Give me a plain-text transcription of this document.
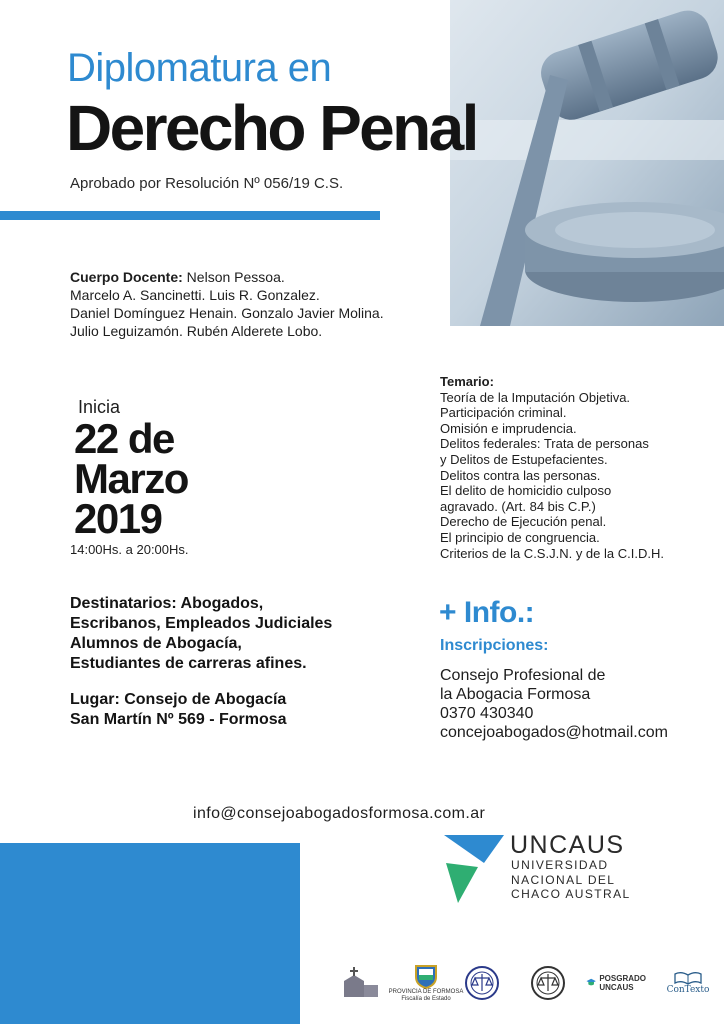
Diplomatura en
Derecho Penal
Aprobado por Resolución Nº 056/19 C.S.
Cuerpo Docente: Nelson Pessoa.
Marcelo A. Sancinetti. Luis R. Gonzalez.
Daniel Domínguez Henain. Gonzalo Javier Molina.
Julio Leguizamón. Rubén Alderete Lobo.
Inicia
22 de
Marzo
2019
14:00Hs. a 20:00Hs.
Temario:
Teoría de la Imputación Objetiva.
Participación criminal.
Omisión e imprudencia.
Delitos federales: Trata de personas
y Delitos de Estupefacientes.
Delitos contra las personas.
El delito de homicidio culposo
agravado. (Art. 84 bis C.P.)
Derecho de Ejecución penal.
El principio de congruencia.
Criterios de la C.S.J.N. y de la C.I.D.H.
Destinatarios: Abogados,
Escribanos, Empleados Judiciales
Alumnos de Abogacía,
Estudiantes de carreras afines.
Lugar: Consejo de Abogacía
San Martín Nº 569 - Formosa
+ Info.:
Inscripciones:
Consejo Profesional de
la Abogacia Formosa
0370 430340
concejoabogados@hotmail.com
info@consejoabogadosformosa.com.ar
UNCAUS
UNIVERSIDAD
NACIONAL DEL
CHACO AUSTRAL
PROVINCIA DE FORMOSA
Fiscalía de Estado
POSGRADO
UNCAUS	ConTexto
